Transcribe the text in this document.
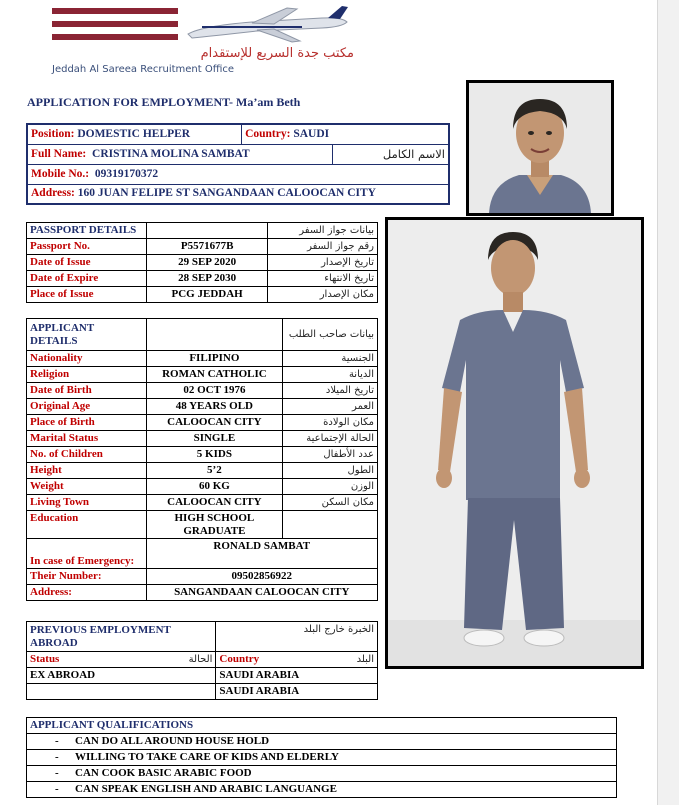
مكتب جدة السريع للإستقدام
Jeddah Al Sareea Recruitment Office
APPLICATION FOR EMPLOYMENT- Ma’am Beth
Position: DOMESTIC HELPER	Country: SAUDI	
Full Name: CRISTINA MOLINA SAMBAT		الاسم الكامل
Mobile No.: 09319170372		
Address: 160 JUAN FELIPE ST SANGANDAAN CALOOCAN CITY		
PASSPORT DETAILS		بيانات جواز السفر
Passport No.	P5571677B	رقم جواز السفر
Date of Issue	29 SEP 2020	تاريخ الإصدار
Date of Expire	28 SEP 2030	تاريخ الانتهاء
Place of Issue	PCG JEDDAH	مكان الإصدار
APPLICANT DETAILS		بيانات صاحب الطلب
Nationality	FILIPINO	الجنسية
Religion	ROMAN CATHOLIC	الديانة
Date of Birth	02 OCT 1976	تاريخ الميلاد
Original Age	48 YEARS OLD	العمر
Place of Birth	CALOOCAN CITY	مكان الولادة
Marital Status	SINGLE	الحالة الإجتماعية
No. of Children	5 KIDS	عدد الأطفال
Height	5’2	الطول
Weight	60 KG	الوزن
Living Town	CALOOCAN CITY	مكان السكن
Education	HIGH SCHOOL GRADUATE	
In case of Emergency:	RONALD SAMBAT	
Their Number:	09502856922	
Address:	SANGANDAAN CALOOCAN CITY	
PREVIOUS EMPLOYMENT ABROAD	الخبرة خارج البلد
Status الحالة	Country البلد

EX ABROAD	SAUDI ARABIA
	SAUDI ARABIA
APPLICANT QUALIFICATIONS
- CAN DO ALL AROUND HOUSE HOLD
- WILLING TO TAKE CARE OF KIDS AND ELDERLY
- CAN COOK BASIC ARABIC FOOD
- CAN SPEAK ENGLISH AND ARABIC LANGUANGE
